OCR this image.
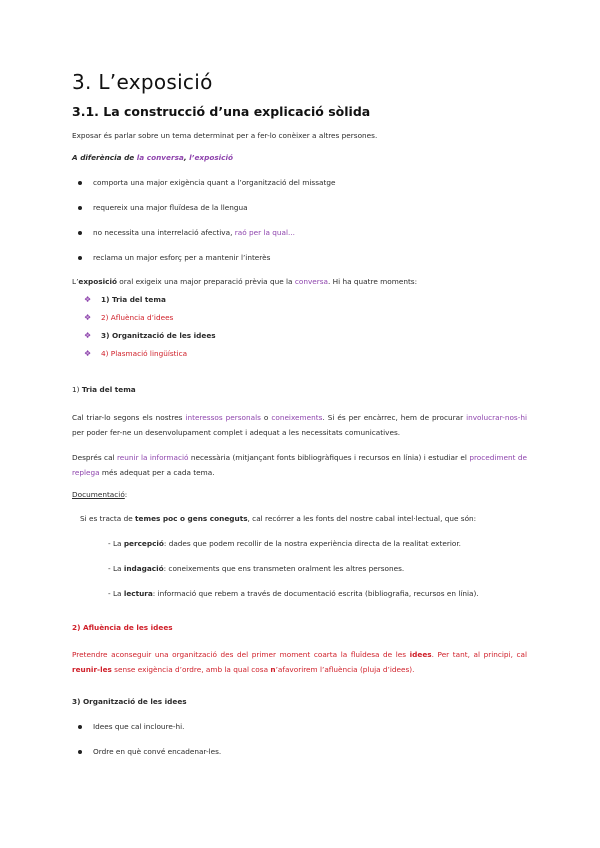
3. L’exposició
3.1. La construcció d’una explicació sòlida
Exposar és parlar sobre un tema determinat per a fer-lo conèixer a altres persones.
A diferència de la conversa, l’exposició
comporta una major exigència quant a l’organització del missatge
requereix una major fluïdesa de la llengua
no necessita una interrelació afectiva, raó per la qual...
reclama un major esforç per a mantenir l’interès
L’exposició oral exigeix una major preparació prèvia que la conversa. Hi ha quatre moments:
❖ 1) Tria del tema
❖ 2) Afluència d’idees
❖ 3) Organització de les idees
❖ 4) Plasmació lingüística
1) Tria del tema
Cal triar-lo segons els nostres interessos personals o coneixements. Si és per encàrrec, hem de procurar involucrar-nos-hi per poder fer-ne un desenvolupament complet i adequat a les necessitats comunicatives.
Després cal reunir la informació necessària (mitjançant fonts bibliogràfiques i recursos en línia) i estudiar el procediment de replega més adequat per a cada tema.
Documentació:
Si es tracta de temes poc o gens coneguts, cal recórrer a les fonts del nostre cabal intel·lectual, que són:
- La percepció: dades que podem recollir de la nostra experiència directa de la realitat exterior.
- La indagació: coneixements que ens transmeten oralment les altres persones.
- La lectura: informació que rebem a través de documentació escrita (bibliografia, recursos en línia).
2) Afluència de les idees
Pretendre aconseguir una organització des del primer moment coarta la fluïdesa de les idees. Per tant, al principi, cal reunir-les sense exigència d’ordre, amb la qual cosa n’afavorirem l’afluència (pluja d’idees).
3) Organització de les idees
Idees que cal incloure-hi.
Ordre en què convé encadenar-les.
